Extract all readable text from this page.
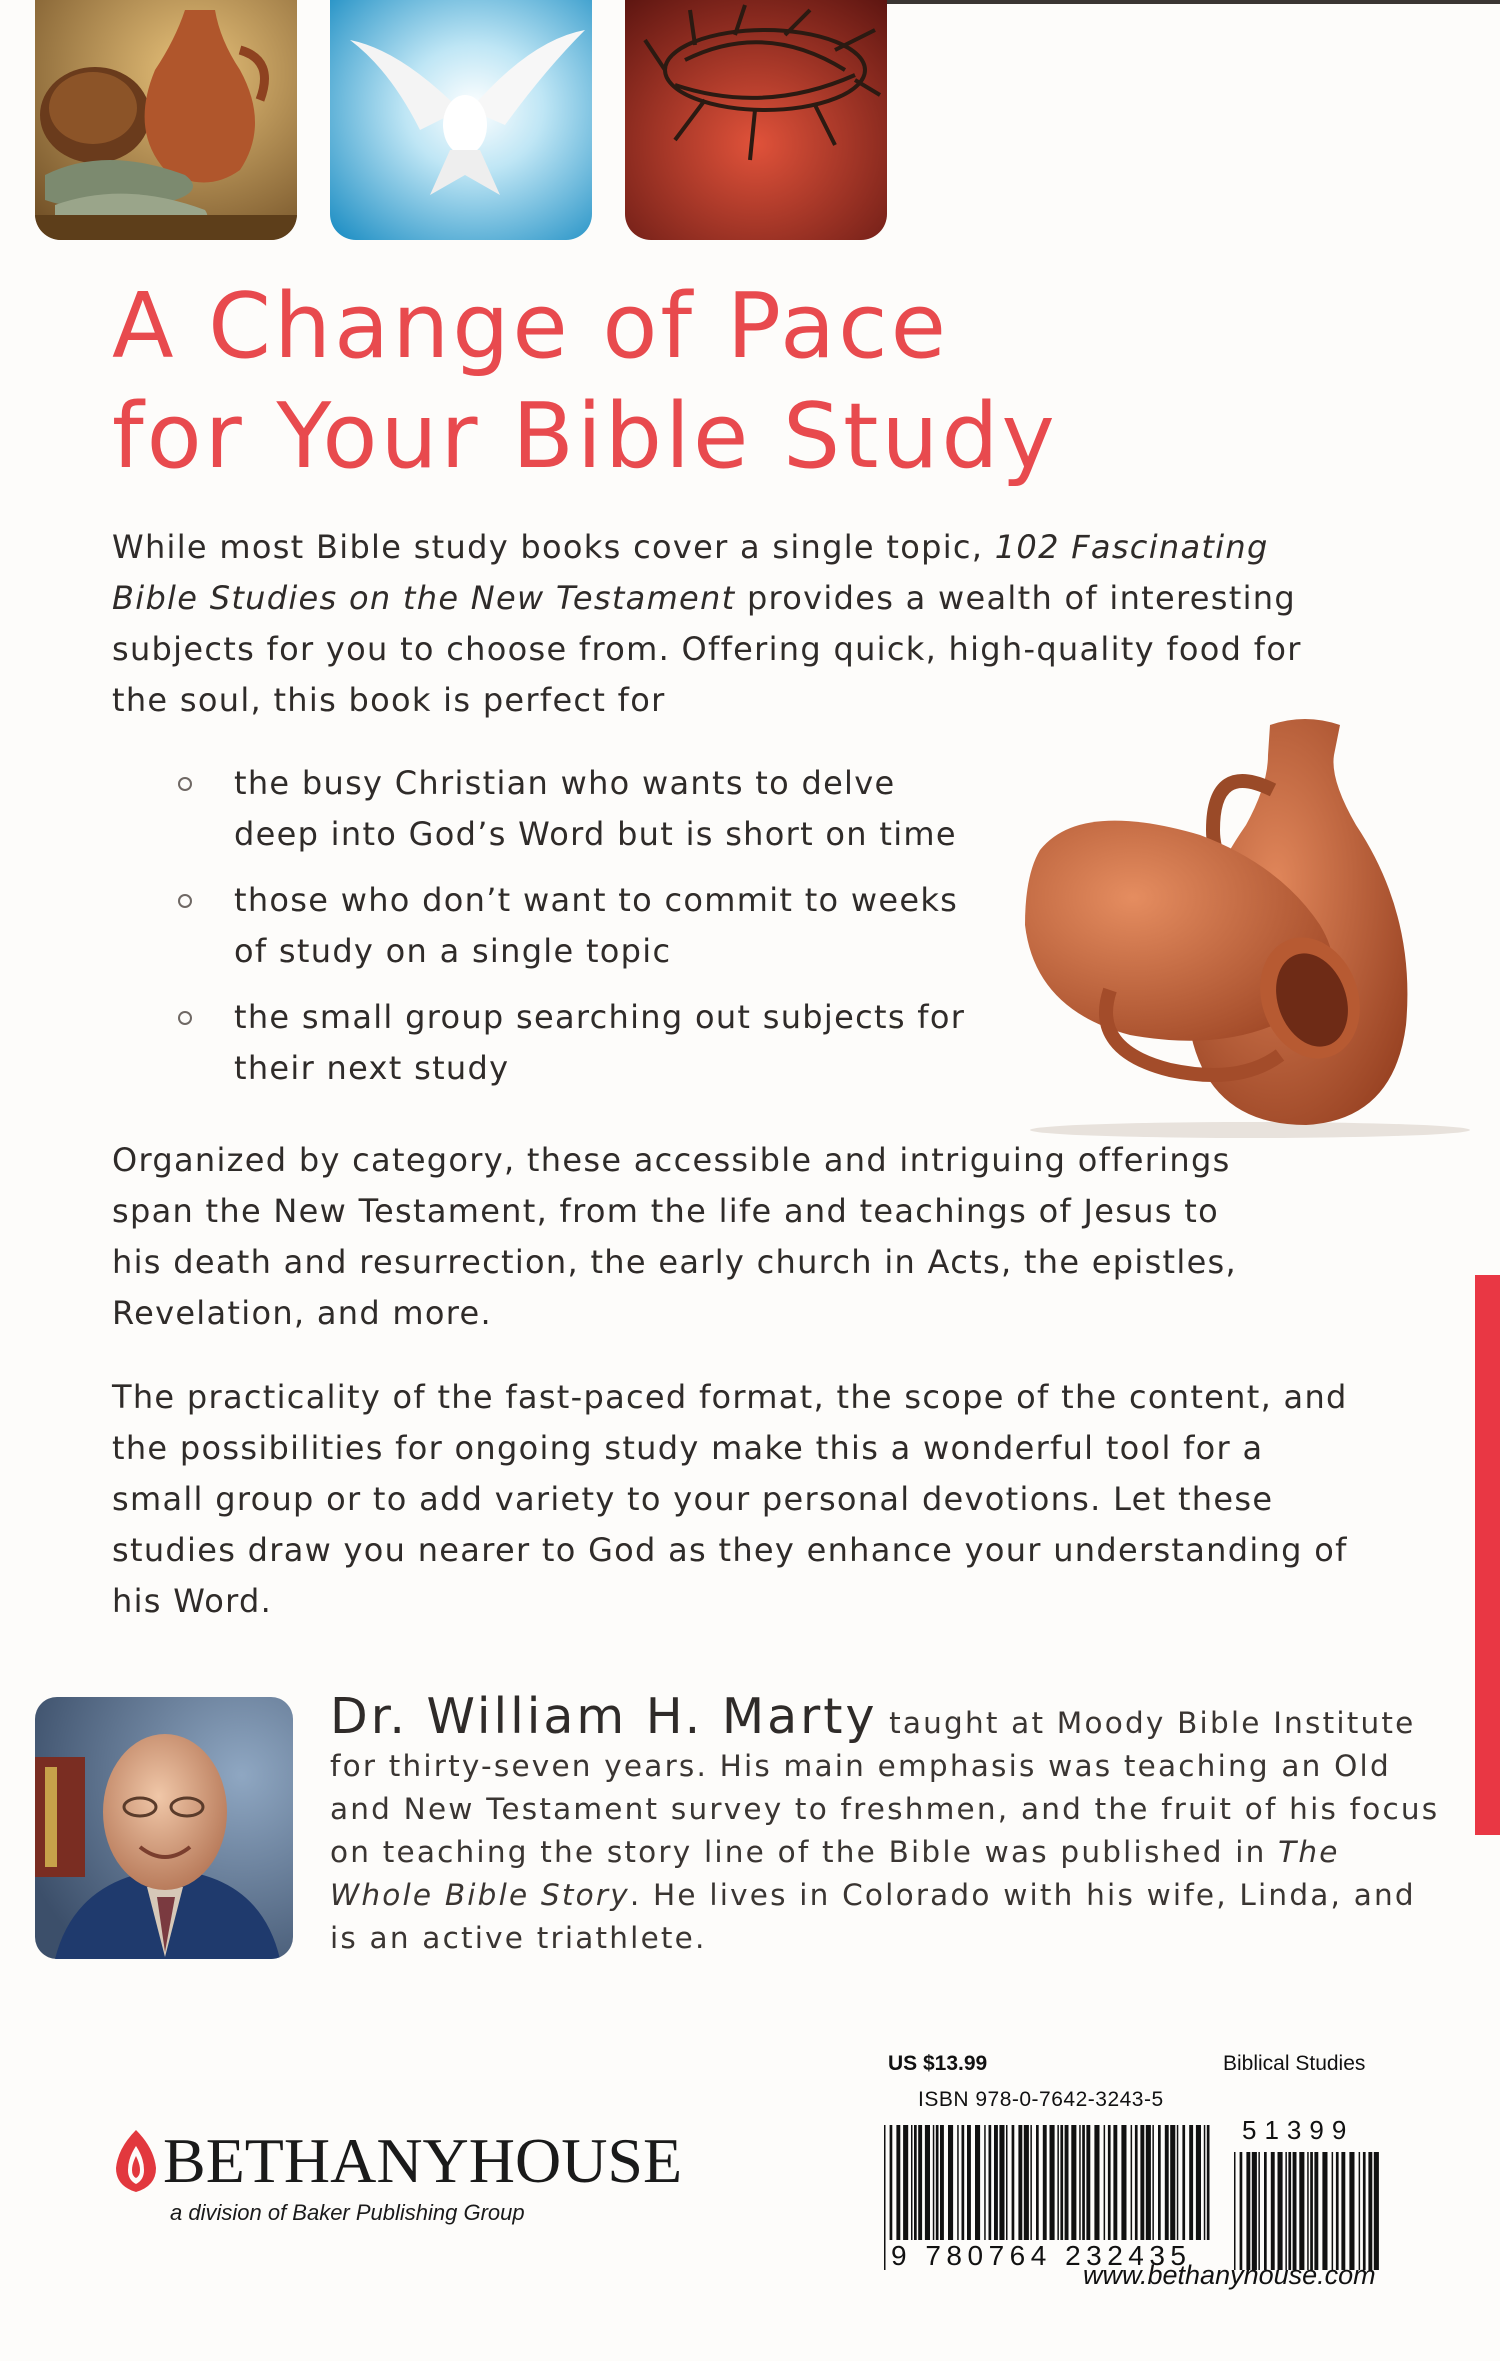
A Change of Pace
for Your Bible Study

While most Bible study books cover a single topic, 102 Fascinating Bible Studies on the New Testament provides a wealth of interesting subjects for you to choose from. Offering quick, high-quality food for the soul, this book is perfect for

the busy Christian who wants to delve deep into God’s Word but is short on time
those who don’t want to commit to weeks of study on a single topic
the small group searching out subjects for their next study

Organized by category, these accessible and intriguing offerings span the New Testament, from the life and teachings of Jesus to his death and resurrection, the early church in Acts, the epistles, Revelation, and more.

The practicality of the fast-paced format, the scope of the content, and the possibilities for ongoing study make this a wonderful tool for a small group or to add variety to your personal devotions. Let these studies draw you nearer to God as they enhance your understanding of his Word.

Dr. William H. Marty taught at Moody Bible Institute for thirty-seven years. His main emphasis was teaching an Old and New Testament survey to freshmen, and the fruit of his focus on teaching the story line of the Bible was published in The Whole Bible Story. He lives in Colorado with his wife, Linda, and is an active triathlete.

BETHANYHOUSE
a division of Baker Publishing Group
US $13.99	Biblical Studies
ISBN 978-0-7642-3243-5
51399
9 780764 232435
www.bethanyhouse.com
